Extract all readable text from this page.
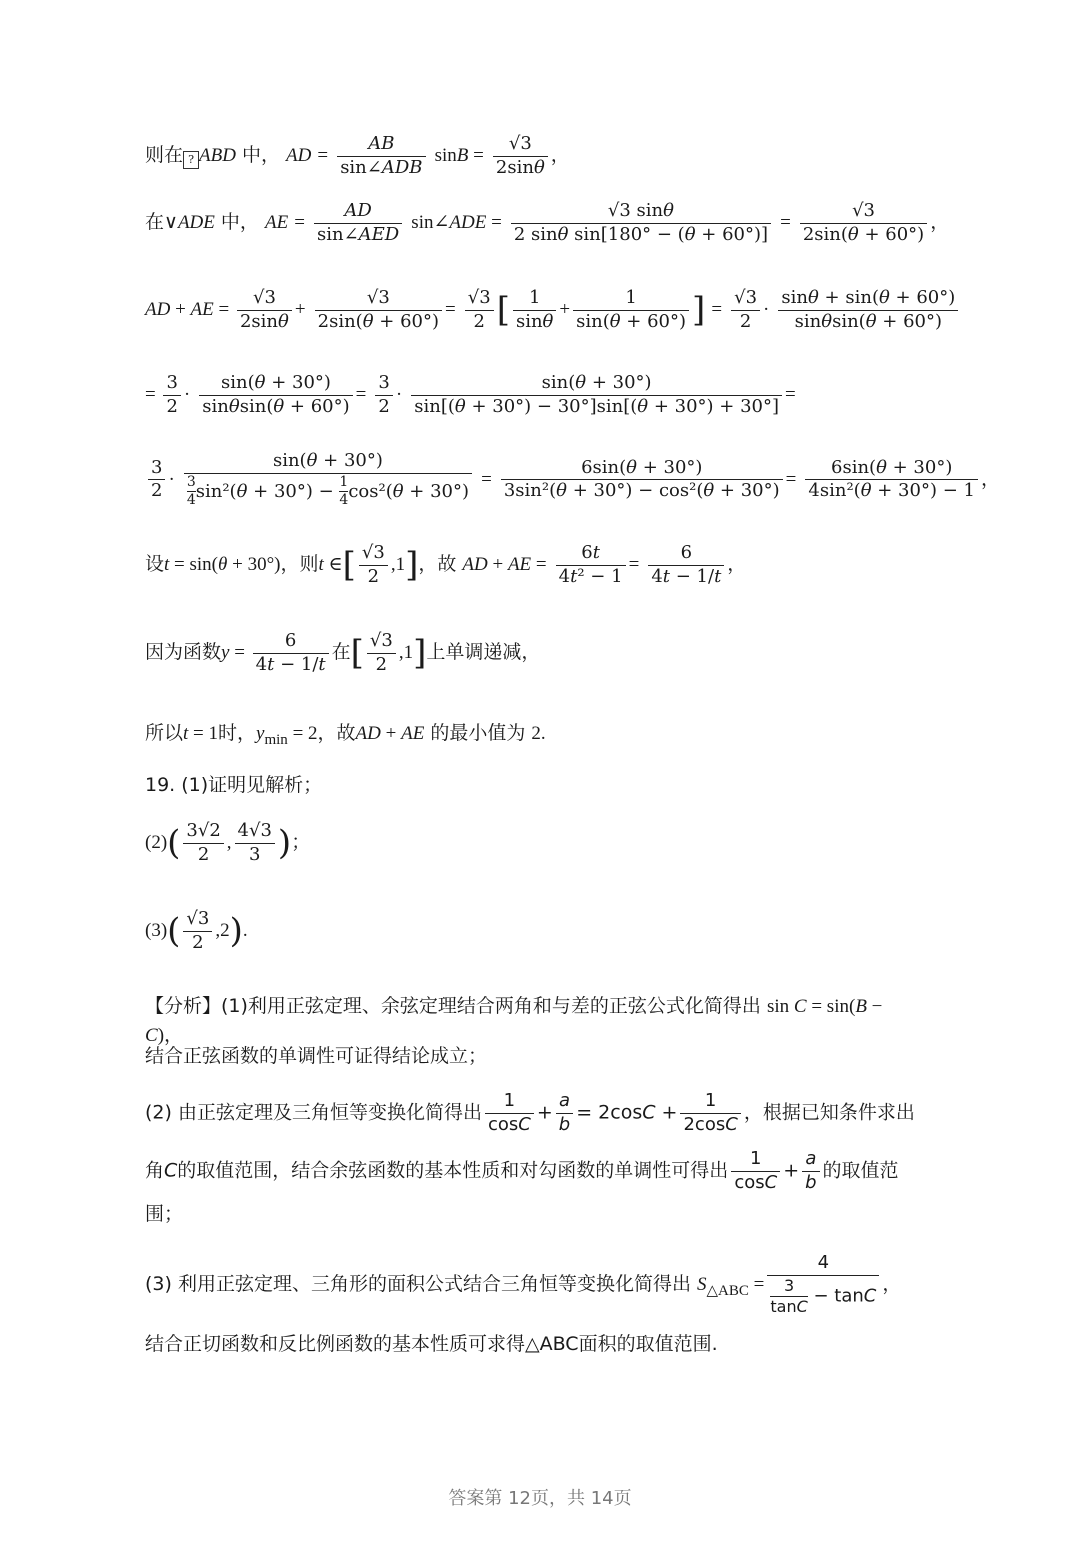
则在 ? ABD 中， AD = $\frac{AB}{\text{sin∠ADB}}$ $\sin B = \frac{√3}{2\sin\theta}$ ，
在∨ADE 中， AE = $\frac{AD}{\text{sin∠AED}}$ sin∠ADE = $\frac{√3 \sin\theta}{\text{2 sinθ sin[180° − (θ + 60°)]}} = \frac{√3}{2\sin(\theta + 60^\circ)}$ ，
AD + AE = $\frac{√3}{2\sin\theta} + \frac{√3}{2\sin(\theta + 60^\circ)} = \frac{√3}{2}$ [ $\frac{1}{\sin\theta} + \frac{1}{\sin(\theta + 60^\circ)}$ ] = $\frac{√3}{2} \cdot \frac{\sin\theta + \sin(\theta + 60^\circ)}{\sin\theta\sin(\theta + 60^\circ)}$
= $\frac{3}{2} \cdot \frac{\sin(\theta + 30^\circ)}{\sin\theta\sin(\theta + 60^\circ)} = \frac{3}{2} \cdot \frac{\sin(\theta + 30^\circ)}{\sin[(\theta + 30^\circ) - 30^\circ]\sin[(\theta + 30^\circ) + 30^\circ]}$ =
$\frac{3}{2} \cdot \frac{\sin(\theta + 30^\circ)}{\frac{3}{4} \sin^2(\theta + 30^\circ) - \frac{1}{4} \cos^2(\theta + 30^\circ)} = \frac{6\sin(\theta + 30^\circ)}{\text{3sin²(θ + 30°) − cos²(θ + 30°)}} = \frac{6\sin(\theta + 30^\circ)}{\text{4sin²(θ + 30°) − 1}}$ ，
设t = sin(θ + 30°)，则t ∈[ $\frac{√3}{2} ,1$]，故 AD + AE = $\frac{6t}{\text{4t² − 1}} = \frac{6}{4t - 1/t}$ ，
因为函数$y = \frac{6}{4t - 1/t}$ 在[ $\frac{√3}{2} ,1$]上单调递减，
所以t = 1时，$y_{min} = 2$，故AD + AE 的最小值为 2.
19. (1)证明见解析；
$(2)( \frac{3√2}{2}$ , $\frac{4√3}{3}$ )；
$(3)( \frac{√3}{2} ,2)$.
【分析】(1)利用正弦定理、余弦定理结合两角和与差的正弦公式化简得出 sin C = sin(B − C)，
结合正弦函数的单调性可证得结论成立；
(2) 由正弦定理及三角恒等变换化简得出 $\frac{1}{\cos C} + \frac{a}{b} = 2\cos C + \frac{1}{2\cos C}$ ，根据已知条件求出
角C的取值范围，结合余弦函数的基本性质和对勾函数的单调性可得出 $\frac{1}{\cos C} + \frac{a}{b}$ 的取值范
围；
(3) 利用正弦定理、三角形的面积公式结合三角恒等变换化简得出 $S_{\triangle ABC} = \frac{4}{\frac{3}{\tan C} - \tan C}$ ，
结合正切函数和反比例函数的基本性质可求得△ABC面积的取值范围.
答案第 12页，共 14页
